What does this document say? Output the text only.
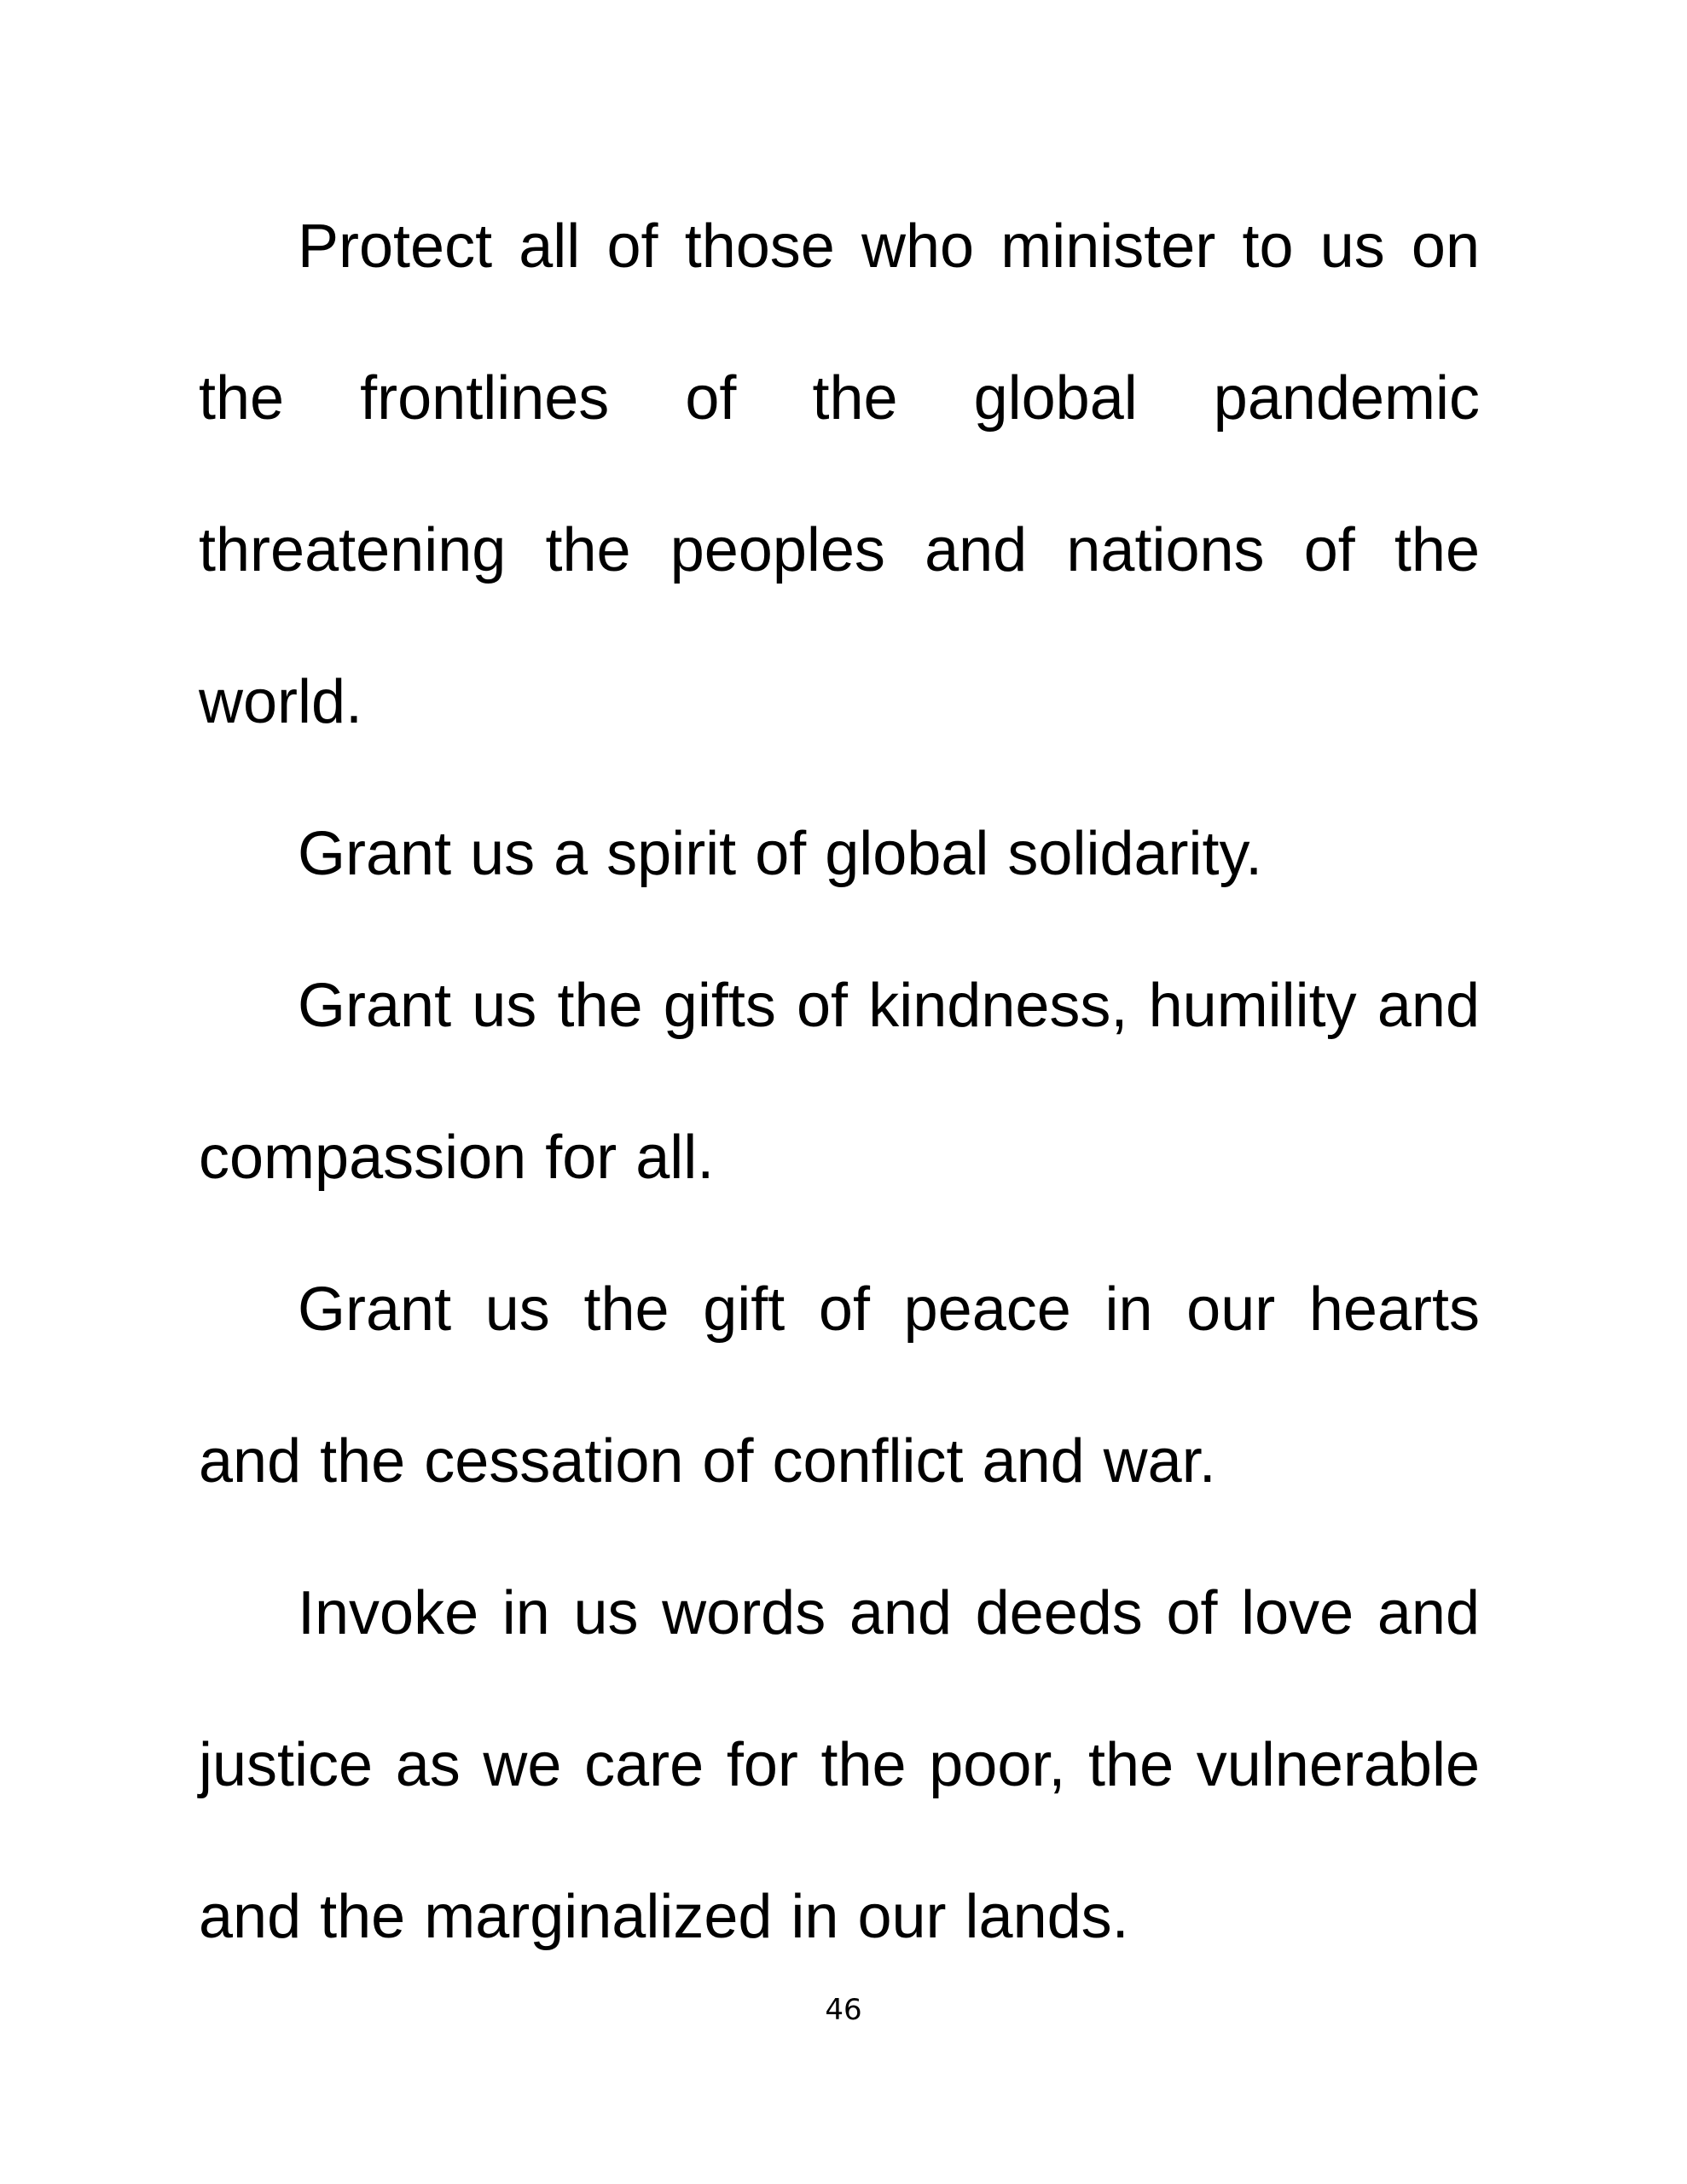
Protect all of those who minister to us on the frontlines of the global pandemic threatening the peoples and nations of the world.

Grant us a spirit of global solidarity.

Grant us the gifts of kindness, humility and compassion for all.

Grant us the gift of peace in our hearts and the cessation of conflict and war.

Invoke in us words and deeds of love and justice as we care for the poor, the vulnerable and the marginalized in our lands.

46
